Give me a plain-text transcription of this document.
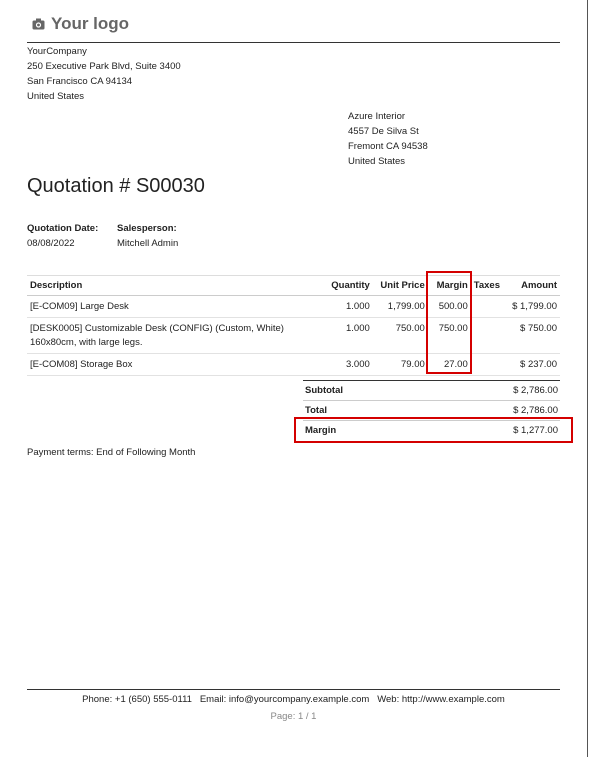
Your logo
YourCompany
250 Executive Park Blvd, Suite 3400
San Francisco CA 94134
United States
Azure Interior
4557 De Silva St
Fremont CA 94538
United States
Quotation # S00030
Quotation Date:
08/08/2022
Salesperson:
Mitchell Admin
Description	Quantity	Unit Price	Margin	Taxes	Amount
[E-COM09] Large Desk	1.000	1,799.00	500.00		$ 1,799.00
[DESK0005] Customizable Desk (CONFIG) (Custom, White) 160x80cm, with large legs.	1.000	750.00	750.00		$ 750.00
[E-COM08] Storage Box	3.000	79.00	27.00		$ 237.00
Subtotal	$ 2,786.00
Total	$ 2,786.00
Margin	$ 1,277.00
Payment terms: End of Following Month
Phone: +1 (650) 555-0111   Email: info@yourcompany.example.com   Web: http://www.example.com
Page: 1 / 1
